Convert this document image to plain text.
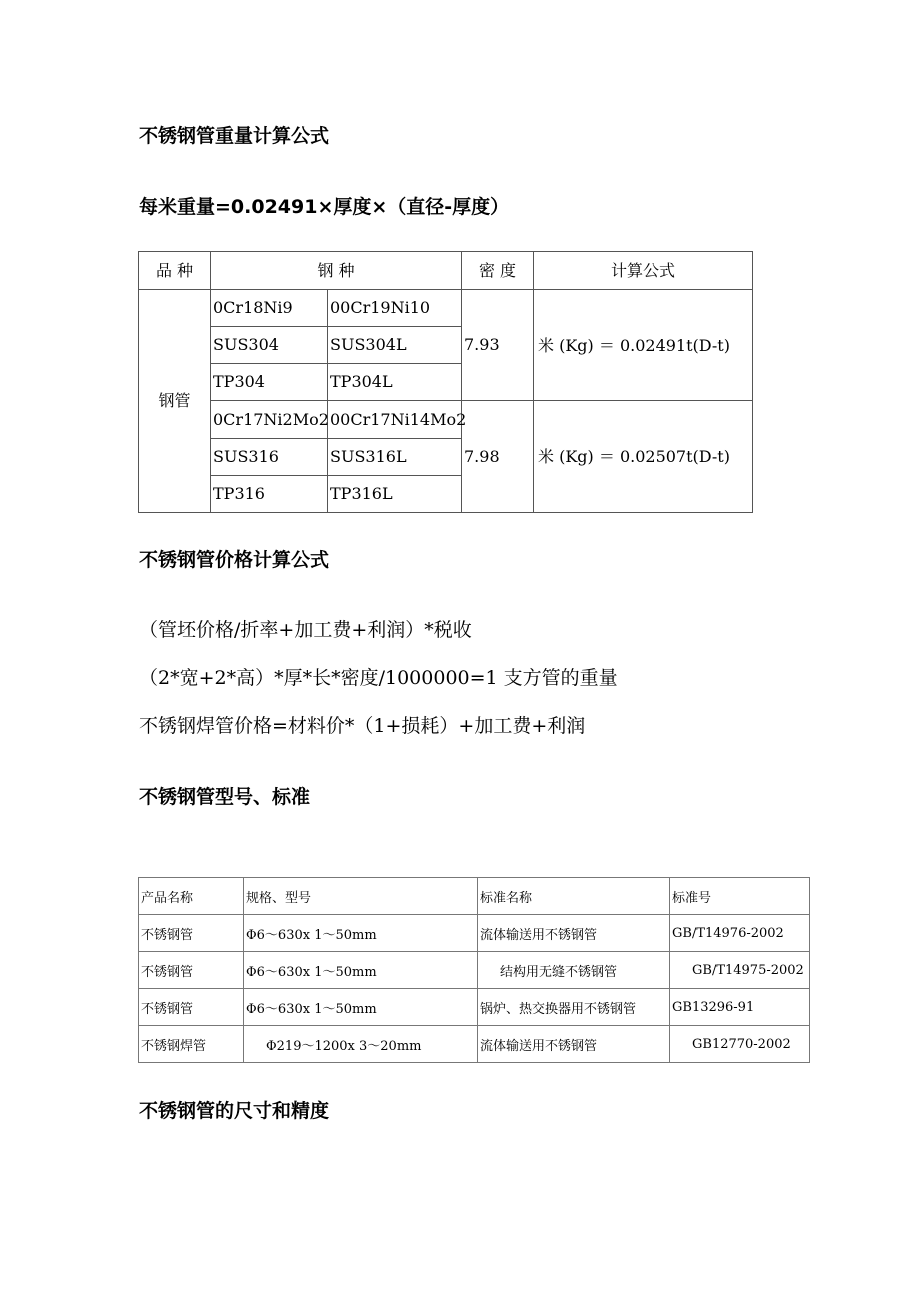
不锈钢管重量计算公式
每米重量=0.02491×厚度×（直径-厚度）
品 种	钢 种		密 度	计算公式
钢管	0Cr18Ni9	00Cr19Ni10	7.93	米 (Kg) ＝ 0.02491t(D-t)
	SUS304	SUS304L		
	TP304	TP304L		
	0Cr17Ni2Mo2	00Cr17Ni14Mo2	7.98	米 (Kg) ＝ 0.02507t(D-t)
	SUS316	SUS316L		
	TP316	TP316L		
不锈钢管价格计算公式

（管坯价格/折率+加工费+利润）*税收

（2*宽+2*高）*厚*长*密度/1000000=1 支方管的重量

不锈钢焊管价格=材料价*（1+损耗）+加工费+利润

不锈钢管型号、标准
产品名称	规格、型号	标准名称	标准号
不锈钢管	Φ6～630x 1～50mm	流体输送用不锈钢管	GB/T14976-2002
不锈钢管	Φ6～630x 1～50mm	结构用无缝不锈钢管	GB/T14975-2002
不锈钢管	Φ6～630x 1～50mm	锅炉、热交换器用不锈钢管	GB13296-91
不锈钢焊管	Φ219～1200x 3～20mm	流体输送用不锈钢管	GB12770-2002
不锈钢管的尺寸和精度
